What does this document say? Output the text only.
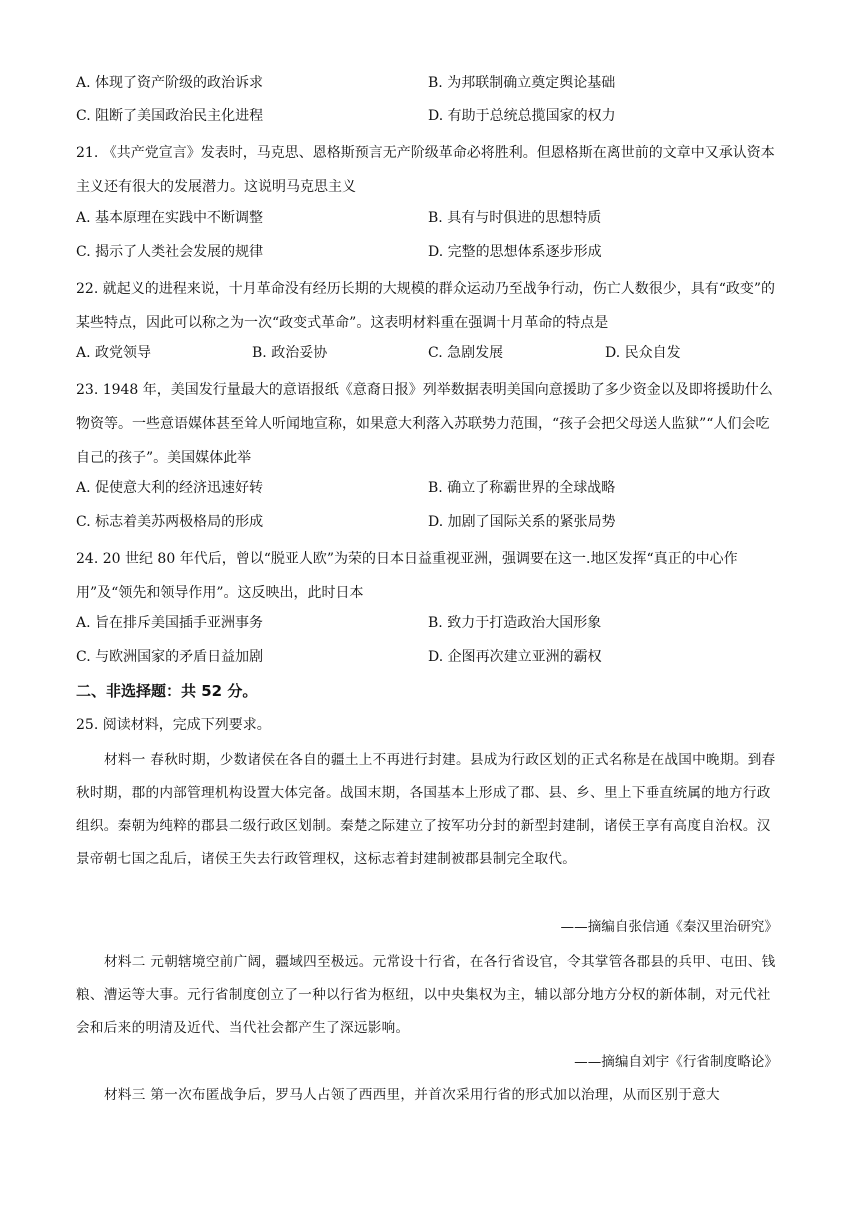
A. 体现了资产阶级的政治诉求	B. 为邦联制确立奠定舆论基础
C. 阻断了美国政治民主化进程	D. 有助于总统总揽国家的权力
21. 《共产党宣言》发表时，马克思、恩格斯预言无产阶级革命必将胜利。但恩格斯在离世前的文章中又承认资本主义还有很大的发展潜力。这说明马克思主义
A. 基本原理在实践中不断调整	B. 具有与时俱进的思想特质
C. 揭示了人类社会发展的规律	D. 完整的思想体系逐步形成
22. 就起义的进程来说，十月革命没有经历长期的大规模的群众运动乃至战争行动，伤亡人数很少，具有“政变”的某些特点，因此可以称之为一次“政变式革命”。这表明材料重在强调十月革命的特点是
A. 政党领导	B. 政治妥协	C. 急剧发展	D. 民众自发
23. 1948 年，美国发行量最大的意语报纸《意裔日报》列举数据表明美国向意援助了多少资金以及即将援助什么物资等。一些意语媒体甚至耸人听闻地宣称，如果意大利落入苏联势力范围，“孩子会把父母送人监狱”“人们会吃自己的孩子”。美国媒体此举
A. 促使意大利的经济迅速好转	B. 确立了称霸世界的全球战略
C. 标志着美苏两极格局的形成	D. 加剧了国际关系的紧张局势
24. 20 世纪 80 年代后，曾以“脱亚人欧”为荣的日本日益重视亚洲，强调要在这一.地区发挥“真正的中心作用”及“领先和领导作用”。这反映出，此时日本
A. 旨在排斥美国插手亚洲事务	B. 致力于打造政治大国形象
C. 与欧洲国家的矛盾日益加剧	D. 企图再次建立亚洲的霸权
二、非选择题：共 52 分。
25. 阅读材料，完成下列要求。
材料一 春秋时期，少数诸侯在各自的疆土上不再进行封建。县成为行政区划的正式名称是在战国中晚期。到春秋时期，郡的内部管理机构设置大体完备。战国末期，各国基本上形成了郡、县、乡、里上下垂直统属的地方行政组织。秦朝为纯粹的郡县二级行政区划制。秦楚之际建立了按军功分封的新型封建制，诸侯王享有高度自治权。汉景帝朝七国之乱后，诸侯王失去行政管理权，这标志着封建制被郡县制完全取代。
——摘编自张信通《秦汉里治研究》
材料二 元朝辖境空前广阔，疆域四至极远。元常设十行省，在各行省设官，令其掌管各郡县的兵甲、屯田、钱粮、漕运等大事。元行省制度创立了一种以行省为枢纽，以中央集权为主，辅以部分地方分权的新体制，对元代社会和后来的明清及近代、当代社会都产生了深远影响。
——摘编自刘宇《行省制度略论》
材料三 第一次布匿战争后，罗马人占领了西西里，并首次采用行省的形式加以治理，从而区别于意大
